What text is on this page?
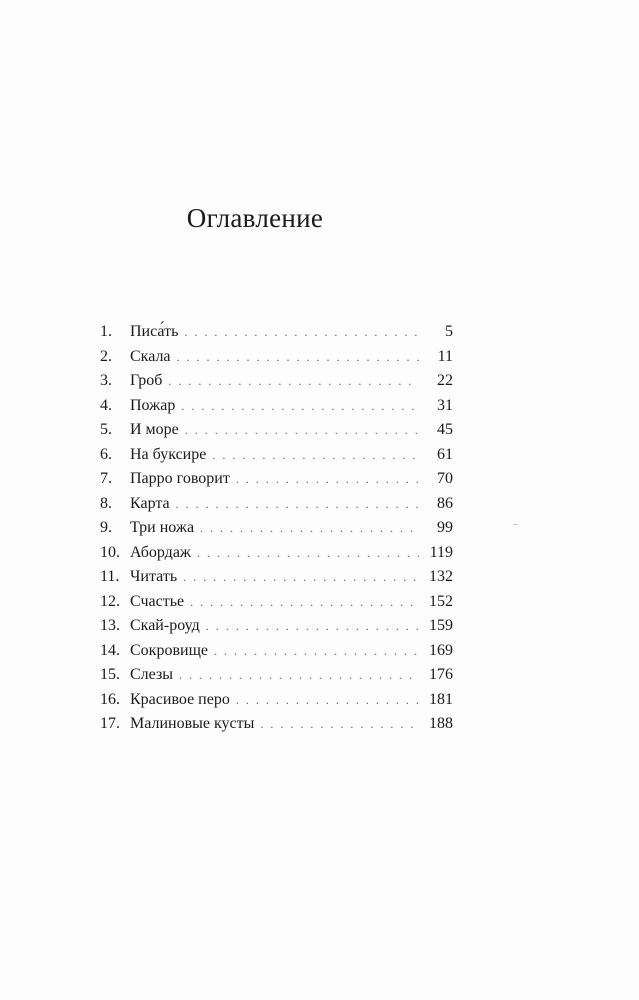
Оглавление
1.	Писа́ть . . .	5
2.	Скала . . .	11
3.	Гроб . . .	22
4.	Пожар . . .	31
5.	И море . . .	45
6.	На буксире . . .	61
7.	Парро говорит . . .	70
8.	Карта . . .	86
9.	Три ножа . . .	99
10. Абордаж . . .	119
11. Читать . . .	132
12. Счастье . . .	152
13. Скай-роуд . . .	159
14. Сокровище . . .	169
15. Слезы . . .	176
16. Красивое перо . . .	181
17. Малиновые кусты . . .	188
